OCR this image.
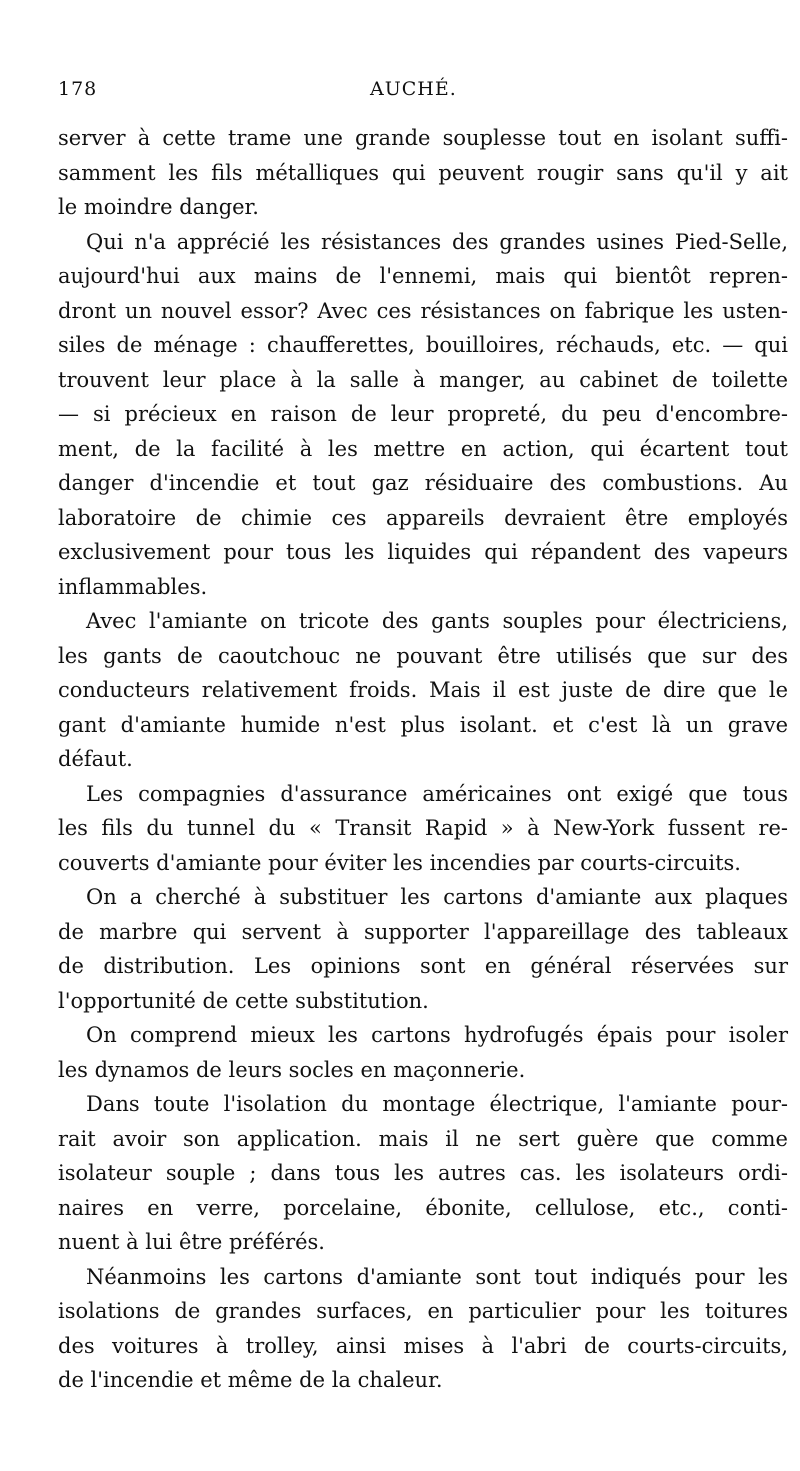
178	AUCHÉ.
server à cette trame une grande souplesse tout en isolant suffi-
samment les fils métalliques qui peuvent rougir sans qu'il y ait
le moindre danger.
Qui n'a apprécié les résistances des grandes usines Pied-Selle,
aujourd'hui aux mains de l'ennemi, mais qui bientôt repren-
dront un nouvel essor? Avec ces résistances on fabrique les usten-
siles de ménage : chaufferettes, bouilloires, réchauds, etc. — qui
trouvent leur place à la salle à manger, au cabinet de toilette
— si précieux en raison de leur propreté, du peu d'encombre-
ment, de la facilité à les mettre en action, qui écartent tout
danger d'incendie et tout gaz résiduaire des combustions. Au
laboratoire de chimie ces appareils devraient être employés
exclusivement pour tous les liquides qui répandent des vapeurs
inflammables.
Avec l'amiante on tricote des gants souples pour électriciens,
les gants de caoutchouc ne pouvant être utilisés que sur des
conducteurs relativement froids. Mais il est juste de dire que le
gant d'amiante humide n'est plus isolant. et c'est là un grave
défaut.
Les compagnies d'assurance américaines ont exigé que tous
les fils du tunnel du « Transit Rapid » à New-York fussent re-
couverts d'amiante pour éviter les incendies par courts-circuits.
On a cherché à substituer les cartons d'amiante aux plaques
de marbre qui servent à supporter l'appareillage des tableaux
de distribution. Les opinions sont en général réservées sur
l'opportunité de cette substitution.
On comprend mieux les cartons hydrofugés épais pour isoler
les dynamos de leurs socles en maçonnerie.
Dans toute l'isolation du montage électrique, l'amiante pour-
rait avoir son application. mais il ne sert guère que comme
isolateur souple ; dans tous les autres cas. les isolateurs ordi-
naires en verre, porcelaine, ébonite, cellulose, etc., conti-
nuent à lui être préférés.
Néanmoins les cartons d'amiante sont tout indiqués pour les
isolations de grandes surfaces, en particulier pour les toitures
des voitures à trolley, ainsi mises à l'abri de courts-circuits,
de l'incendie et même de la chaleur.
